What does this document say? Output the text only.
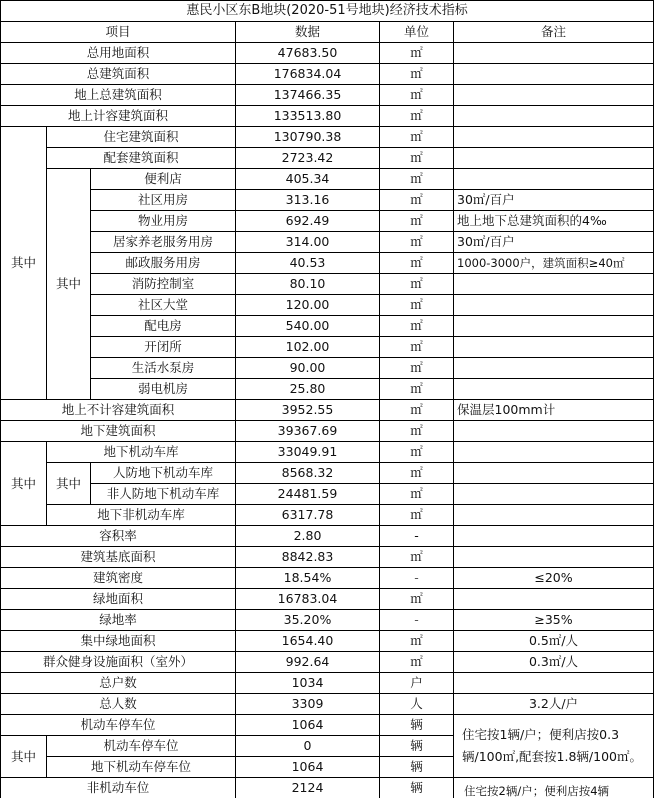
惠民小区东B地块(2020-51号地块)经济技术指标					
项目			数据	单位	备注
总用地面积			47683.50	㎡	
总建筑面积			176834.04	㎡	
地上总建筑面积			137466.35	㎡	
地上计容建筑面积			133513.80	㎡	
其中	住宅建筑面积		130790.38	㎡	
	配套建筑面积		2723.42	㎡	
	其中	便利店	405.34	㎡	
		社区用房	313.16	㎡	30㎡/百户
		物业用房	692.49	㎡	地上地下总建筑面积的4‰
		居家养老服务用房	314.00	㎡	30㎡/百户
		邮政服务用房	40.53	㎡	1000-3000户，建筑面积≥40㎡
		消防控制室	80.10	㎡	
		社区大堂	120.00	㎡	
		配电房	540.00	㎡	
		开闭所	102.00	㎡	
		生活水泵房	90.00	㎡	
		弱电机房	25.80	㎡	
地上不计容建筑面积			3952.55	㎡	保温层100mm计
地下建筑面积			39367.69	㎡	
其中	地下机动车库		33049.91	㎡	
	其中	人防地下机动车库	8568.32	㎡	
		非人防地下机动车库	24481.59	㎡	
	地下非机动车库		6317.78	㎡	
容积率			2.80	-	
建筑基底面积			8842.83	㎡	
建筑密度			18.54%	-	≤20%
绿地面积			16783.04	㎡	
绿地率			35.20%	-	≥35%
集中绿地面积			1654.40	㎡	0.5㎡/人
群众健身设施面积（室外）			992.64	㎡	0.3㎡/人
总户数			1034	户	
总人数			3309	人	3.2人/户
机动车停车位			1064	辆	住宅按1辆/户；便利店按0.3辆/100㎡,配套按1.8辆/100㎡。
其中	机动车停车位		0	辆	
	地下机动车停车位		1064	辆	
非机动车位			2124	辆	住宅按2辆/户；便利店按4辆
